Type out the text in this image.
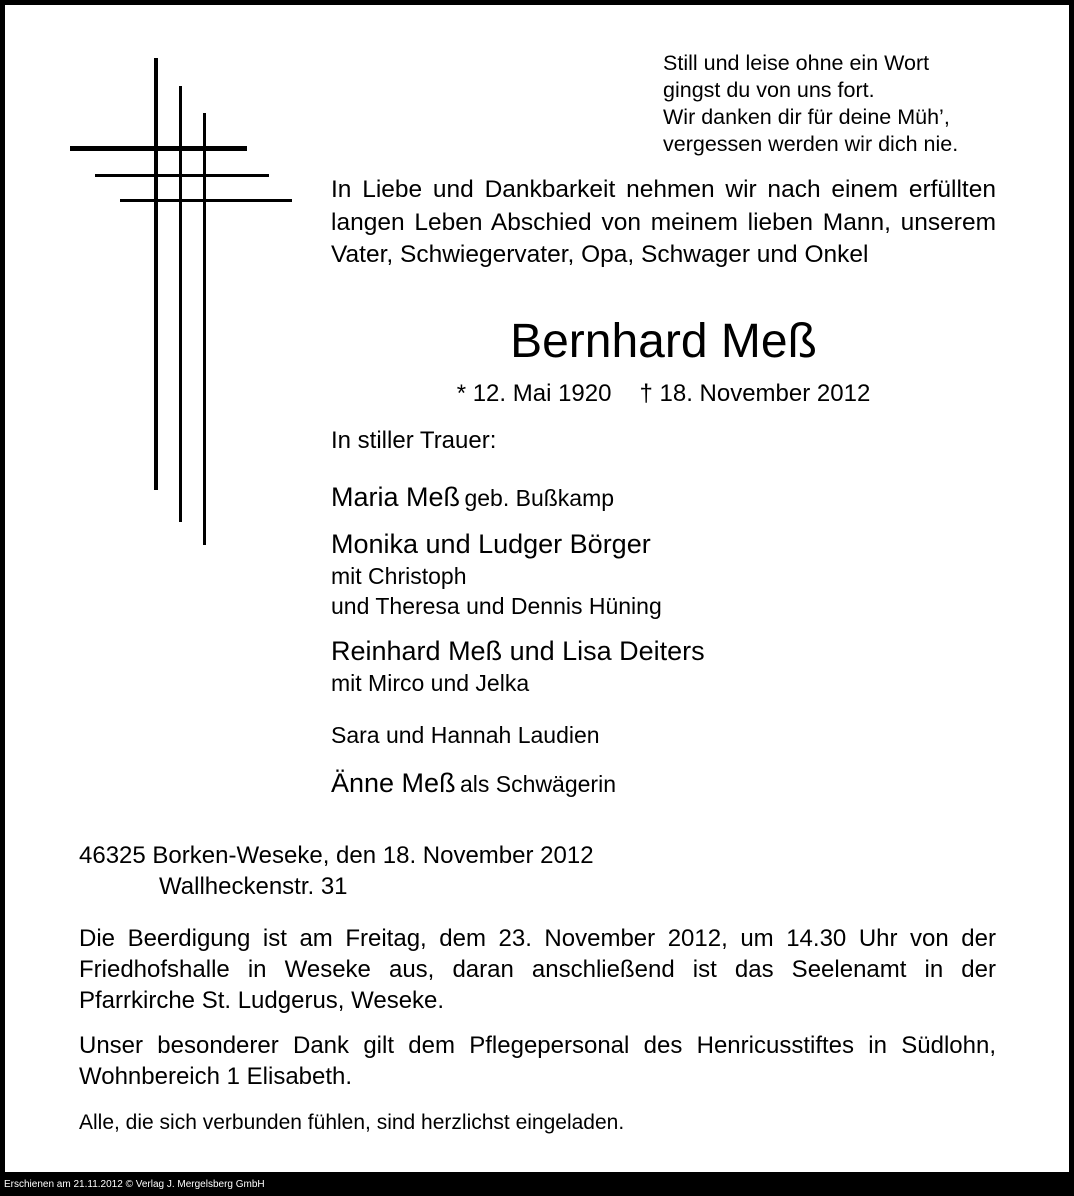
Still und leise ohne ein Wort
gingst du von uns fort.
Wir danken dir für deine Müh’,
vergessen werden wir dich nie.
In Liebe und Dankbarkeit nehmen wir nach einem erfüllten langen Leben Abschied von meinem lieben Mann, unserem Vater, Schwiegervater, Opa, Schwager und Onkel
Bernhard Meß
* 12. Mai 1920 † 18. November 2012
In stiller Trauer:
Maria Meß geb. Bußkamp
Monika und Ludger Börger
mit Christoph
und Theresa und Dennis Hüning
Reinhard Meß und Lisa Deiters
mit Mirco und Jelka
Sara und Hannah Laudien
Änne Meß als Schwägerin
46325 Borken-Weseke, den 18. November 2012
Wallheckenstr. 31
Die Beerdigung ist am Freitag, dem 23. November 2012, um 14.30 Uhr von der Friedhofshalle in Weseke aus, daran anschließend ist das Seelenamt in der Pfarrkirche St. Ludgerus, Weseke.
Unser besonderer Dank gilt dem Pflegepersonal des Henricusstiftes in Südlohn, Wohnbereich 1 Elisabeth.
Alle, die sich verbunden fühlen, sind herzlichst eingeladen.
Erschienen am 21.11.2012 © Verlag J. Mergelsberg GmbH
